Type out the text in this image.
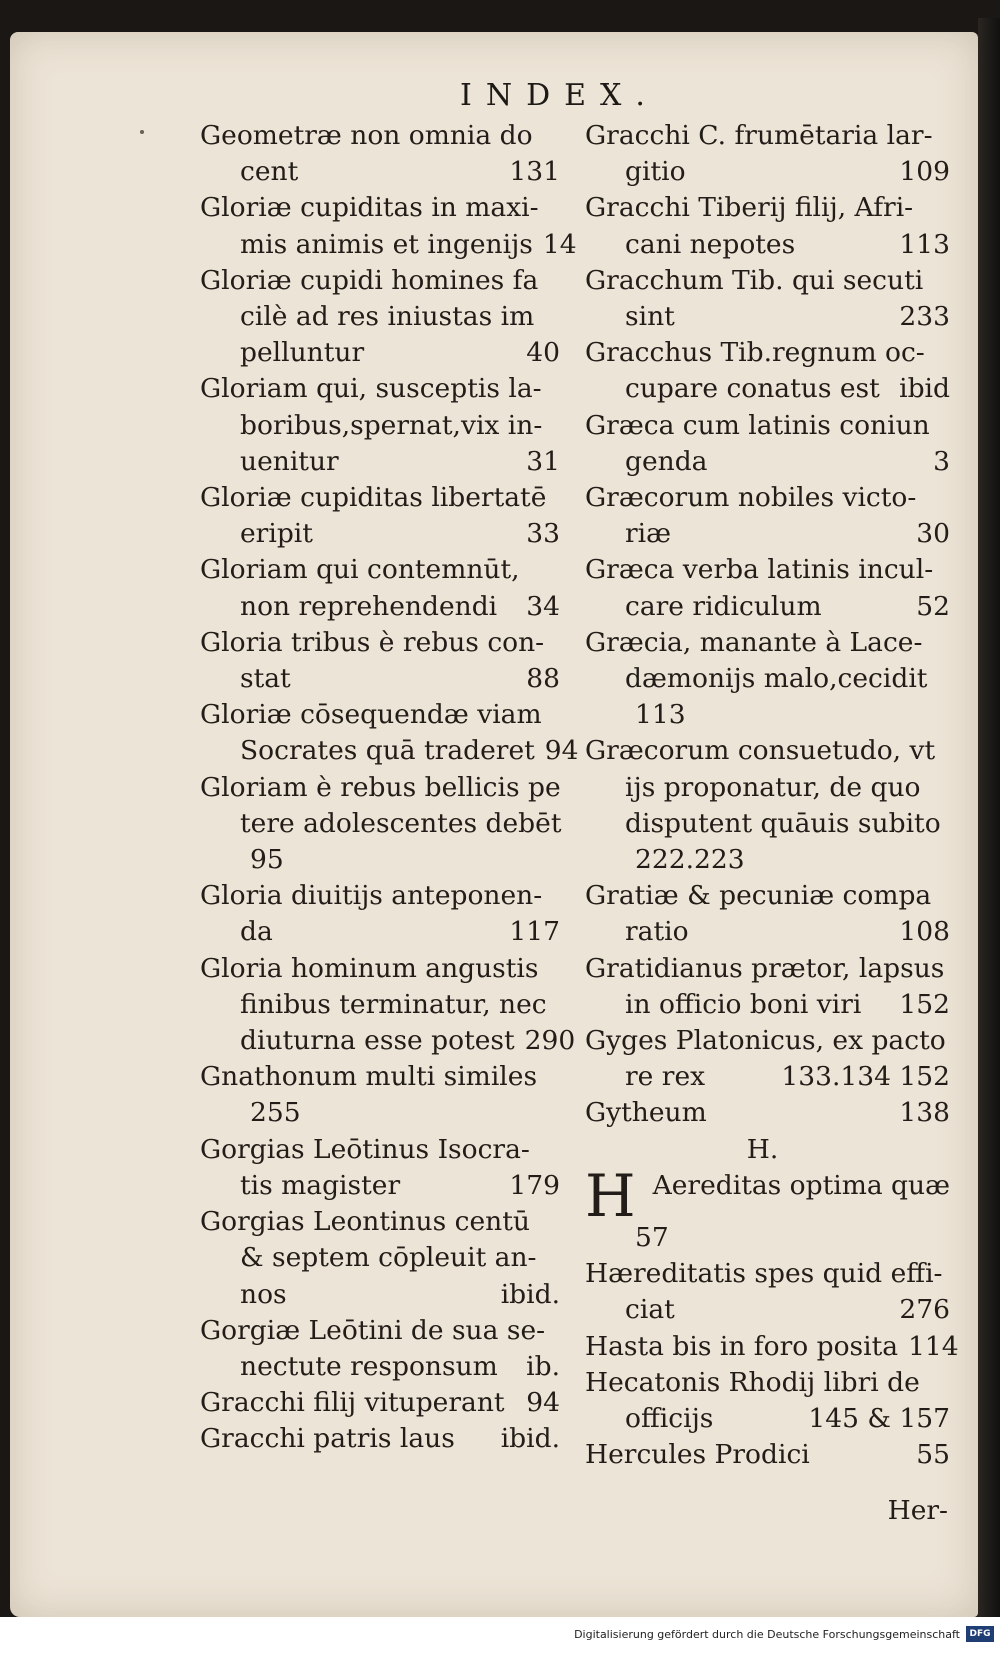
INDEX.
Geometræ non omnia do
cent	131
Gloriæ cupiditas in maxi-
mis animis et ingenijs 14
Gloriæ cupidi homines fa
cilè ad res iniustas im
pelluntur	40
Gloriam qui, susceptis la-
boribus,spernat,vix in-
uenitur	31
Gloriæ cupiditas libertatē
eripit	33
Gloriam qui contemnūt,
non reprehendendi	34
Gloria tribus è rebus con-
stat	88
Gloriæ cōsequendæ viam
Socrates quā traderet 94
Gloriam è rebus bellicis pe
tere adolescentes debēt
95
Gloria diuitijs anteponen-
da	117
Gloria hominum angustis
finibus terminatur, nec
diuturna esse potest 290
Gnathonum multi similes
255
Gorgias Leōtinus Isocra-
tis magister	179
Gorgias Leontinus centū
& septem cōpleuit an-
nos	ibid.
Gorgiæ Leōtini de sua se-
nectute responsum	ib.
Gracchi filij vituperant 94
Gracchi patris laus	ibid.
Gracchi C. frumētaria lar-
gitio	109
Gracchi Tiberij filij, Afri-
cani nepotes	113
Gracchum Tib. qui secuti
sint	233
Gracchus Tib.regnum oc-
cupare conatus est ibid
Græca cum latinis coniun
genda	3
Græcorum nobiles victo-
riæ	30
Græca verba latinis incul-
care ridiculum	52
Græcia, manante à Lace-
dæmonijs malo,cecidit
113
Græcorum consuetudo, vt
ijs proponatur, de quo
disputent quāuis subito
222.223
Gratiæ & pecuniæ compa
ratio	108
Gratidianus prætor, lapsus
in officio boni viri	152
Gyges Platonicus, ex pacto
re rex	133.134 152
Gytheum	138
H.
H Aereditas optima quæ
57
Hæreditatis spes quid effi-
ciat	276
Hasta bis in foro posita 114
Hecatonis Rhodij libri de
officijs	145 & 157
Hercules Prodici	55
Her-
Digitalisierung gefördert durch die Deutsche Forschungsgemeinschaft	DFG
